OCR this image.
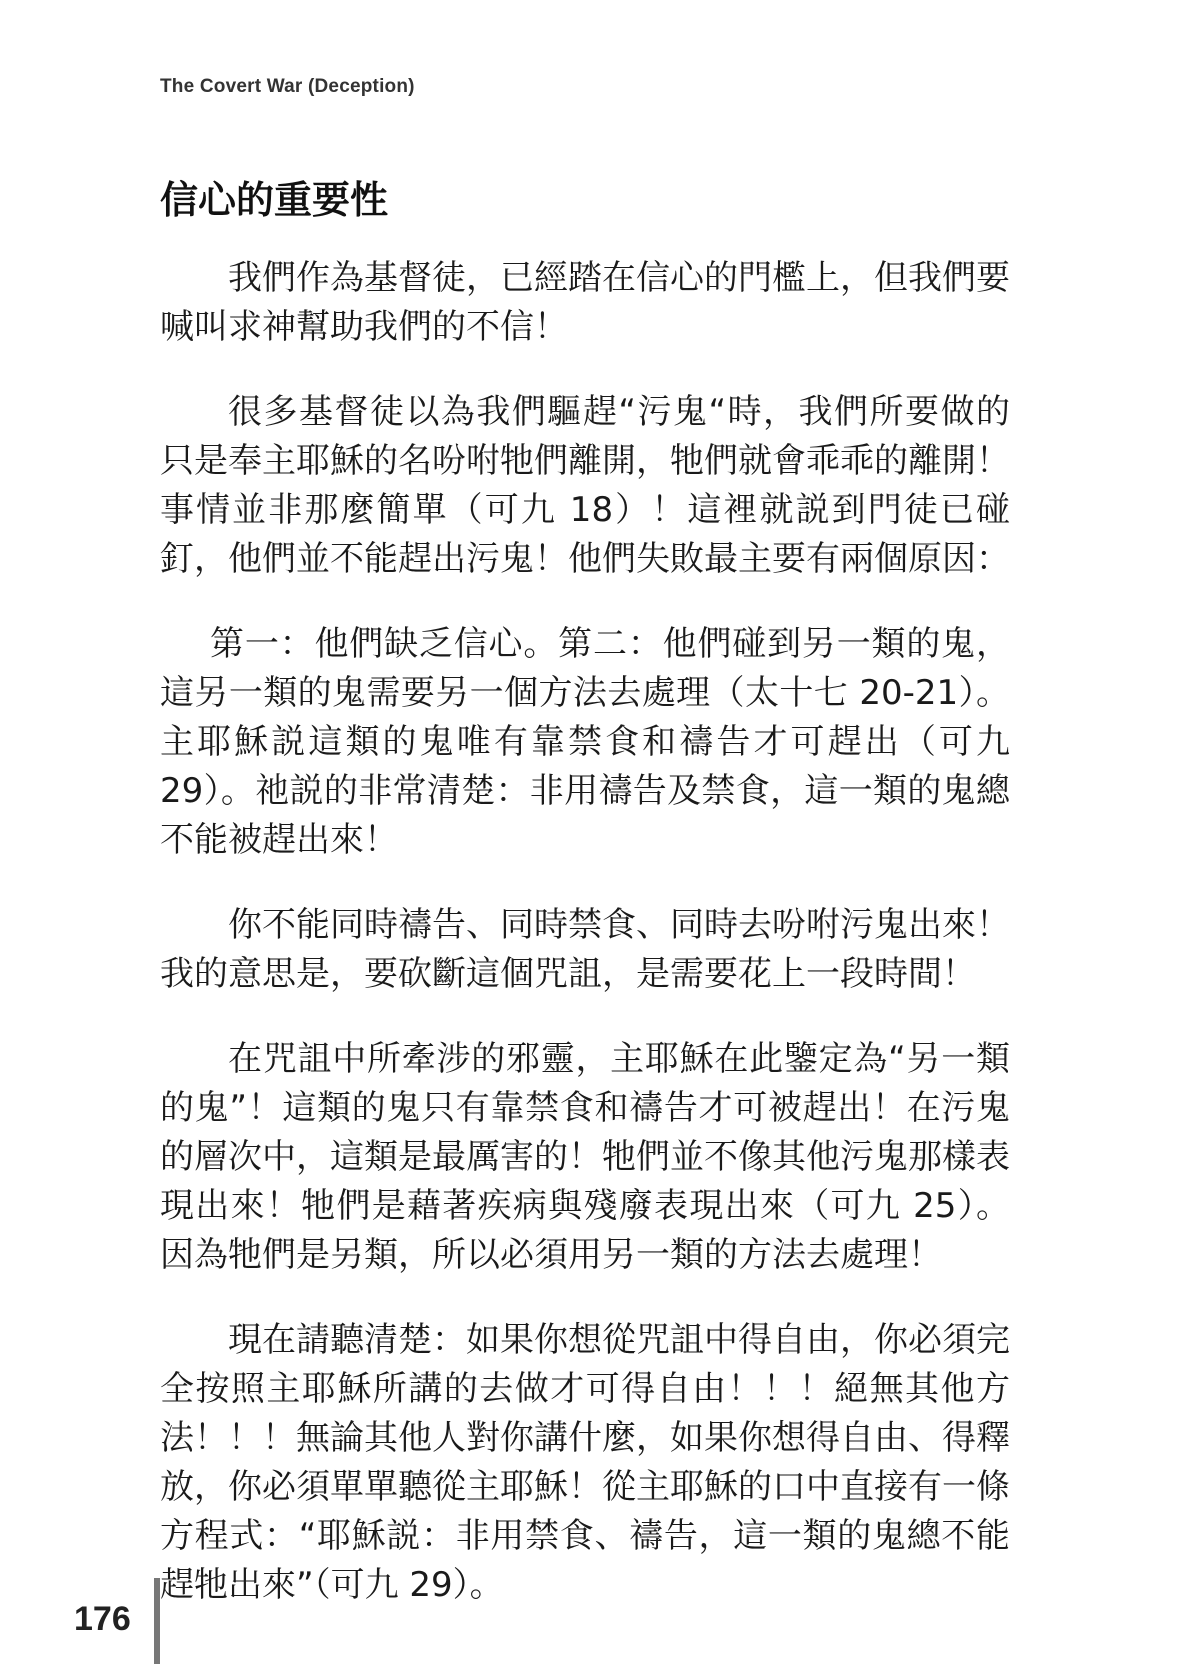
The Covert War (Deception)
信心的重要性

我們作為基督徒，已經踏在信心的門檻上，但我們要喊叫求神幫助我們的不信！

很多基督徒以為我們驅趕“污鬼“時，我們所要做的只是奉主耶穌的名吩咐牠們離開，牠們就會乖乖的離開！事情並非那麼簡單（可九 18）！這裡就説到門徒已碰釘，他們並不能趕出污鬼！他們失敗最主要有兩個原因：

第一：他們缺乏信心。第二：他們碰到另一類的鬼，這另一類的鬼需要另一個方法去處理（太十七 20-21）。主耶穌説這類的鬼唯有靠禁食和禱告才可趕出（可九 29）。祂説的非常清楚：非用禱告及禁食，這一類的鬼總不能被趕出來！

你不能同時禱告、同時禁食、同時去吩咐污鬼出來！我的意思是，要砍斷這個咒詛，是需要花上一段時間！

在咒詛中所牽涉的邪靈，主耶穌在此鑒定為“另一類的鬼”！這類的鬼只有靠禁食和禱告才可被趕出！在污鬼的層次中，這類是最厲害的！牠們並不像其他污鬼那樣表現出來！牠們是藉著疾病與殘廢表現出來（可九 25）。因為牠們是另類，所以必須用另一類的方法去處理！

現在請聽清楚：如果你想從咒詛中得自由，你必須完全按照主耶穌所講的去做才可得自由！！！絕無其他方法！！！無論其他人對你講什麼，如果你想得自由、得釋放，你必須單單聽從主耶穌！從主耶穌的口中直接有一條方程式：“耶穌説：非用禁食、禱告，這一類的鬼總不能趕牠出來”（可九 29）。

176
